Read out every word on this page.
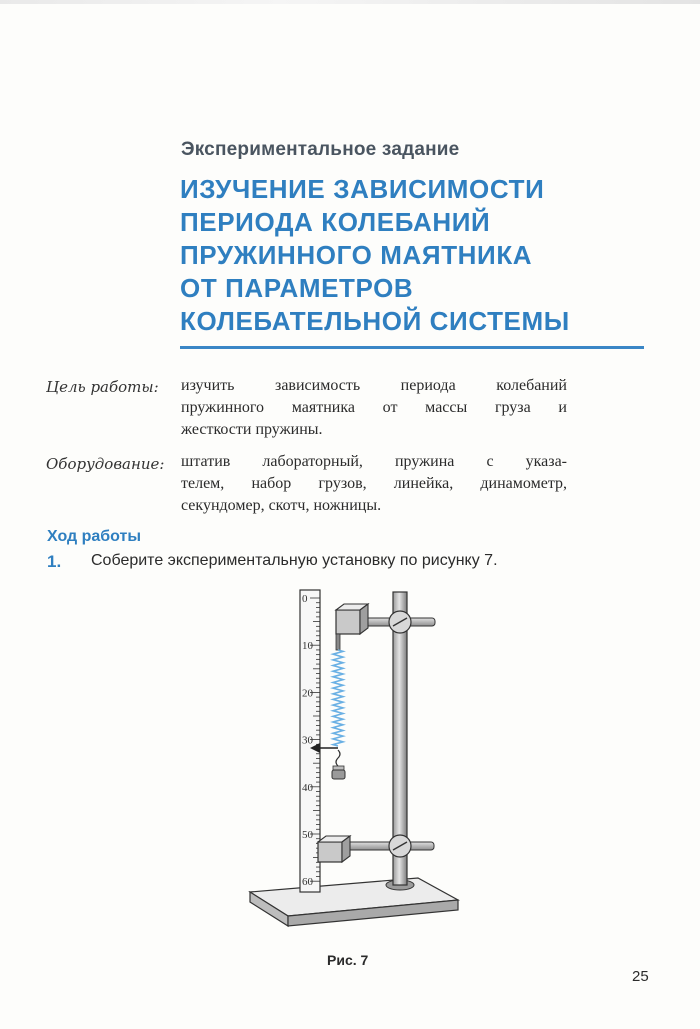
Экспериментальное задание
ИЗУЧЕНИЕ ЗАВИСИМОСТИ
ПЕРИОДА КОЛЕБАНИЙ
ПРУЖИННОГО МАЯТНИКА
ОТ ПАРАМЕТРОВ
КОЛЕБАТЕЛЬНОЙ СИСТЕМЫ
Цель работы: изучить зависимость периода колебаний
пружинного маятника от массы груза и
жесткости пружины.
Оборудование: штатив лабораторный, пружина с указа-
телем, набор грузов, линейка, динамометр,
секундомер, скотч, ножницы.
Ход работы
1. Соберите экспериментальную установку по рисунку 7.
0
10
20
30
40
50
60
Рис. 7
25
